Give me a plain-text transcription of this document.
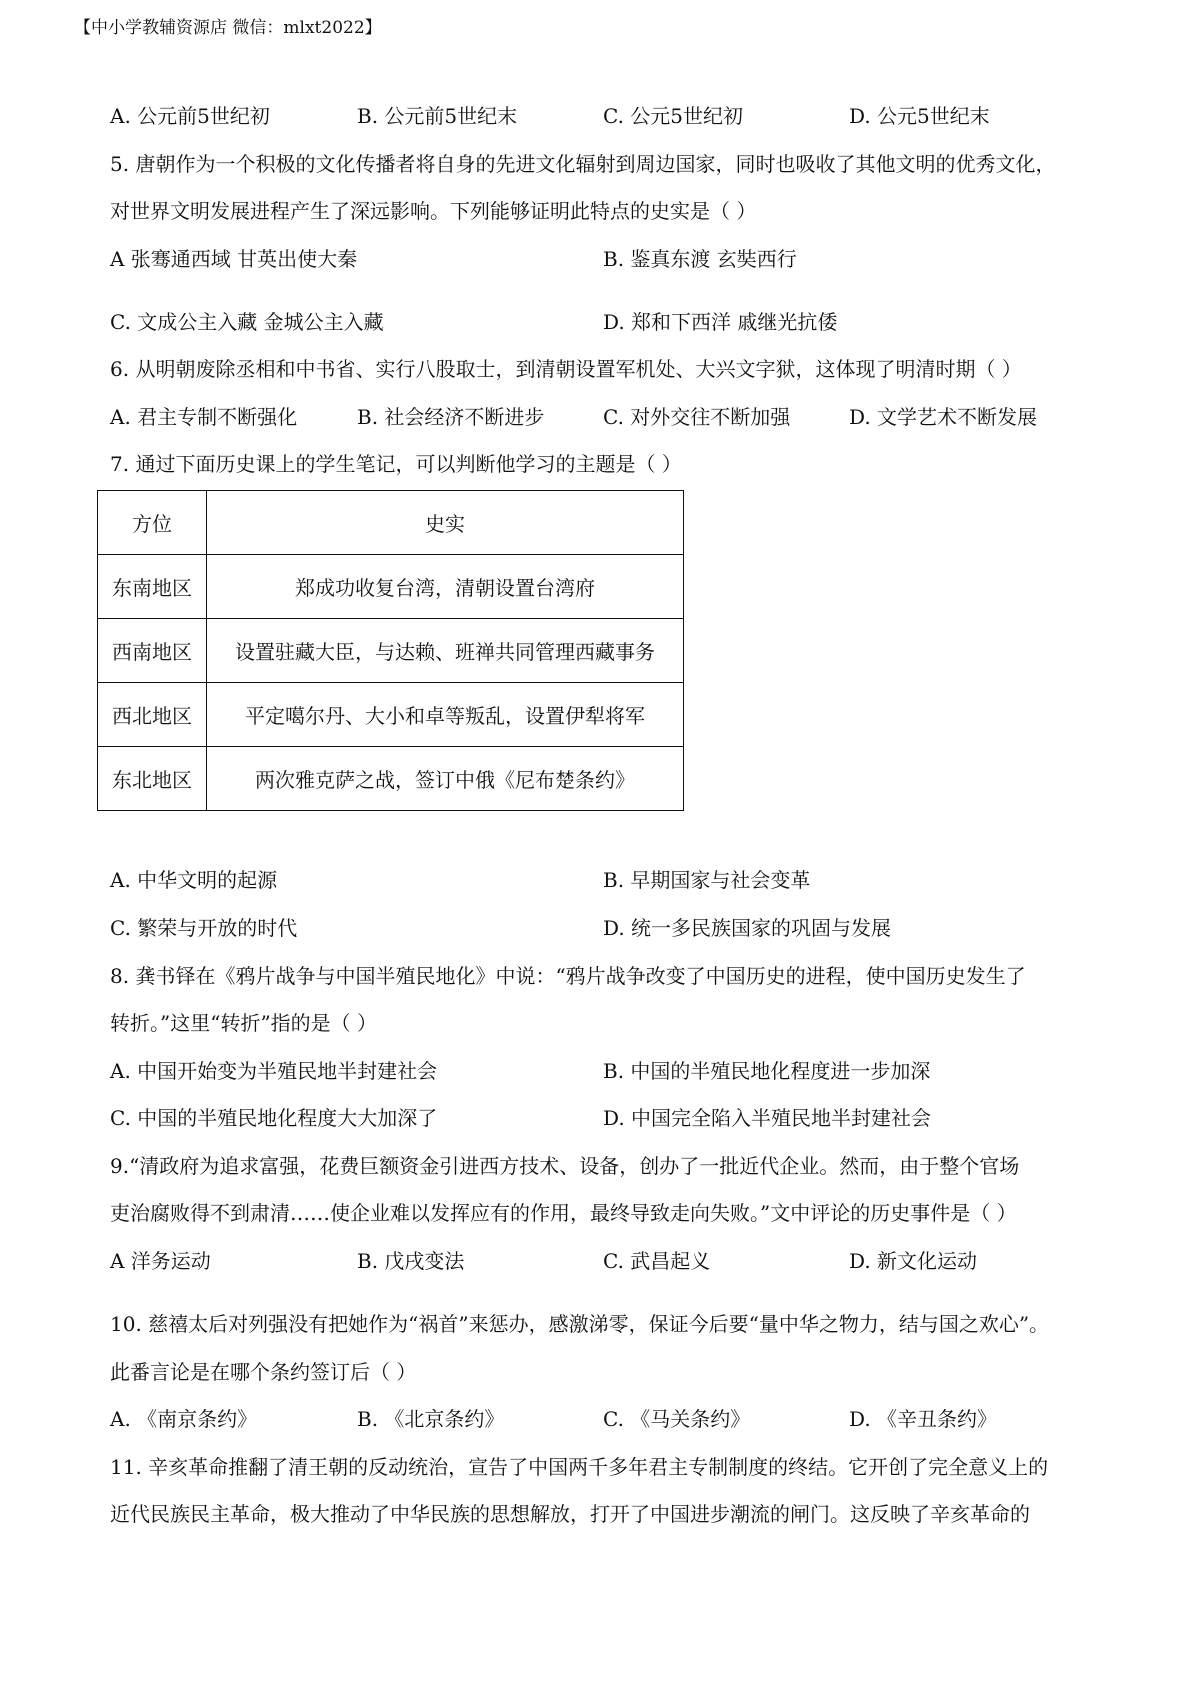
【中小学教辅资源店 微信：mlxt2022】
A. 公元前5世纪初	B. 公元前5世纪末	C. 公元5世纪初	D. 公元5世纪末
5. 唐朝作为一个积极的文化传播者将自身的先进文化辐射到周边国家，同时也吸收了其他文明的优秀文化，
对世界文明发展进程产生了深远影响。下列能够证明此特点的史实是（ ）
A 张骞通西域 甘英出使大秦	B. 鉴真东渡 玄奘西行
C. 文成公主入藏 金城公主入藏	D. 郑和下西洋 戚继光抗倭
6. 从明朝废除丞相和中书省、实行八股取士，到清朝设置军机处、大兴文字狱，这体现了明清时期（ ）
A. 君主专制不断强化	B. 社会经济不断进步	C. 对外交往不断加强	D. 文学艺术不断发展
7. 通过下面历史课上的学生笔记，可以判断他学习的主题是（ ）
方位	史实
东南地区	郑成功收复台湾，清朝设置台湾府
西南地区	设置驻藏大臣，与达赖、班禅共同管理西藏事务
西北地区	平定噶尔丹、大小和卓等叛乱，设置伊犁将军
东北地区	两次雅克萨之战，签订中俄《尼布楚条约》
A. 中华文明的起源	B. 早期国家与社会变革
C. 繁荣与开放的时代	D. 统一多民族国家的巩固与发展
8. 龚书铎在《鸦片战争与中国半殖民地化》中说：“鸦片战争改变了中国历史的进程，使中国历史发生了
转折。”这里“转折”指的是（ ）
A. 中国开始变为半殖民地半封建社会	B. 中国的半殖民地化程度进一步加深
C. 中国的半殖民地化程度大大加深了	D. 中国完全陷入半殖民地半封建社会
9.“清政府为追求富强，花费巨额资金引进西方技术、设备，创办了一批近代企业。然而，由于整个官场
吏治腐败得不到肃清……使企业难以发挥应有的作用，最终导致走向失败。”文中评论的历史事件是（ ）
A 洋务运动	B. 戊戌变法	C. 武昌起义	D. 新文化运动
10. 慈禧太后对列强没有把她作为“祸首”来惩办，感激涕零，保证今后要“量中华之物力，结与国之欢心”。
此番言论是在哪个条约签订后（ ）
A. 《南京条约》	B. 《北京条约》	C. 《马关条约》	D. 《辛丑条约》
11. 辛亥革命推翻了清王朝的反动统治，宣告了中国两千多年君主专制制度的终结。它开创了完全意义上的
近代民族民主革命，极大推动了中华民族的思想解放，打开了中国进步潮流的闸门。这反映了辛亥革命的
